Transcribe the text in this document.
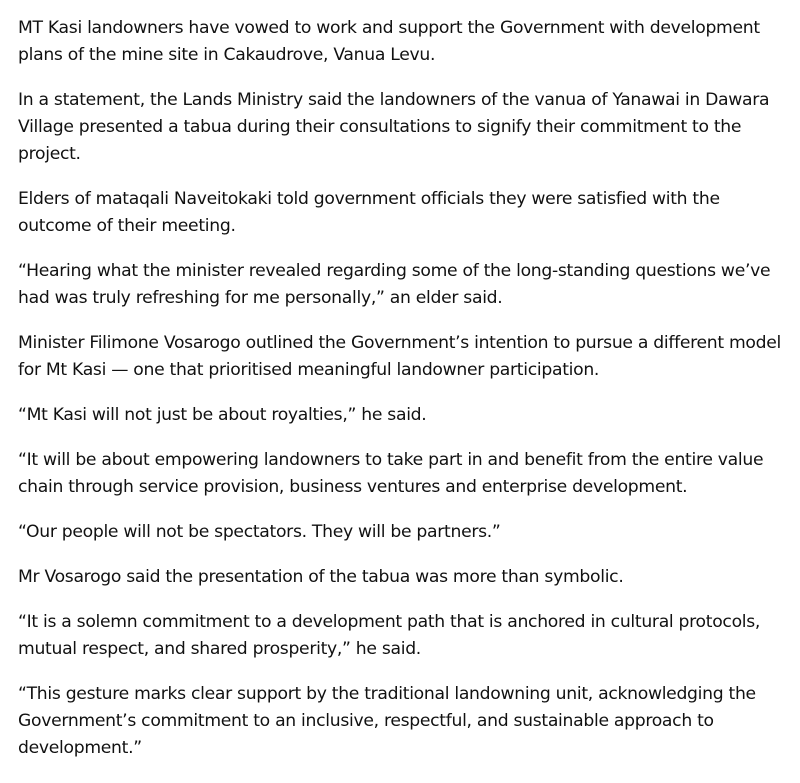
MT Kasi landowners have vowed to work and support the Government with development plans of the mine site in Cakaudrove, Vanua Levu.

In a statement, the Lands Ministry said the landowners of the vanua of Yanawai in Dawara Village presented a tabua during their consultations to signify their commitment to the project.

Elders of mataqali Naveitokaki told government officials they were satisfied with the outcome of their meeting.

“Hearing what the minister revealed regarding some of the long-standing questions we’ve had was truly refreshing for me personally,” an elder said.

Minister Filimone Vosarogo outlined the Government’s intention to pursue a different model for Mt Kasi — one that prioritised meaningful landowner participation.

“Mt Kasi will not just be about royalties,” he said.

“It will be about empowering landowners to take part in and benefit from the entire value chain through service provision, business ventures and enterprise development.

“Our people will not be spectators. They will be partners.”

Mr Vosarogo said the presentation of the tabua was more than symbolic.

“It is a solemn commitment to a development path that is anchored in cultural protocols, mutual respect, and shared prosperity,” he said.

“This gesture marks clear support by the traditional landowning unit, acknowledging the Government’s commitment to an inclusive, respectful, and sustainable approach to development.”
